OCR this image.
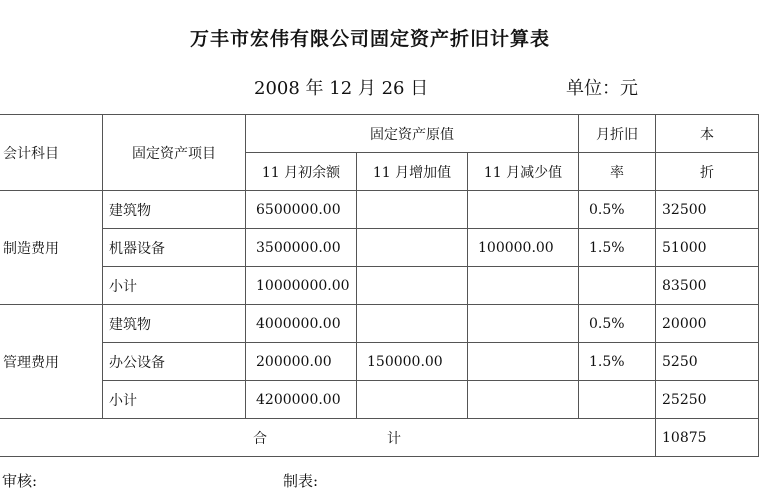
万丰市宏伟有限公司固定资产折旧计算表
2008 年 12 月 26 日	单位：元
会计科目	固定资产项目	固定资产原值			月折旧	本
		11 月初余额	11 月增加值	11 月减少值	率	折
制造费用	建筑物	6500000.00			0.5%	32500
	机器设备	3500000.00		100000.00	1.5%	51000
	小计	10000000.00				83500
管理费用	建筑物	4000000.00			0.5%	20000
	办公设备	200000.00	150000.00		1.5%	5250
	小计	4200000.00				25250
合 计						10875
审核:	制表:
